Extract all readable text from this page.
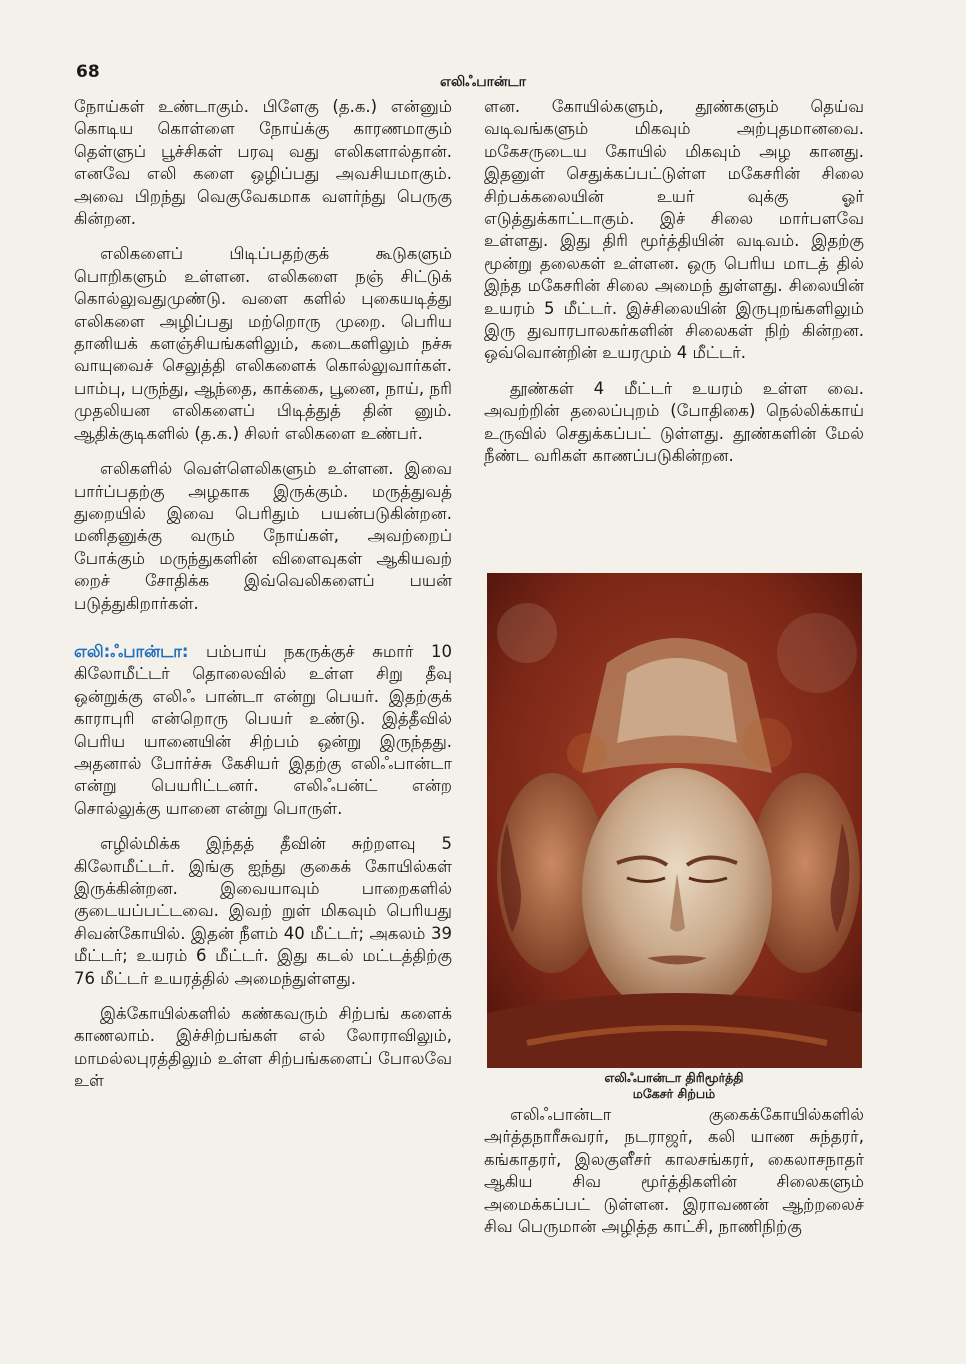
68	எலிஃபான்டா

நோய்கள் உண்டாகும். பிளேகு (த.க.) என்னும் கொடிய கொள்ளை நோய்க்கு காரணமாகும் தெள்ளுப் பூச்சிகள் பரவு வது எலிகளால்தான். எனவே எலி களை ஒழிப்பது அவசியமாகும். அவை பிறந்து வெகுவேகமாக வளர்ந்து பெருகு கின்றன.

எலிகளைப் பிடிப்பதற்குக் கூடுகளும் பொறிகளும் உள்ளன. எலிகளை நஞ் சிட்டுக் கொல்லுவதுமுண்டு. வளை களில் புகையடித்து எலிகளை அழிப்பது மற்றொரு முறை. பெரிய தானியக் களஞ்சியங்களிலும், கடைகளிலும் நச்சு வாயுவைச் செலுத்தி எலிகளைக் கொல்லுவார்கள். பாம்பு, பருந்து, ஆந்தை, காக்கை, பூனை, நாய், நரி முதலியன எலிகளைப் பிடித்துத் தின் னும். ஆதிக்குடிகளில் (த.க.) சிலர் எலிகளை உண்பர்.

எலிகளில் வெள்ளெலிகளும் உள்ளன. இவை பார்ப்பதற்கு அழகாக இருக்கும். மருத்துவத் துறையில் இவை பெரிதும் பயன்படுகின்றன. மனிதனுக்கு வரும் நோய்கள், அவற்றைப் போக்கும் மருந்துகளின் விளைவுகள் ஆகியவற் றைச் சோதிக்க இவ்வெலிகளைப் பயன் படுத்துகிறார்கள்.

எலி:ஃபான்டா: பம்பாய் நகருக்குச் சுமார் 10 கிலோமீட்டர் தொலைவில் உள்ள சிறு தீவு ஒன்றுக்கு எலிஃ பான்டா என்று பெயர். இதற்குக் காராபுரி என்றொரு பெயர் உண்டு. இத்தீவில் பெரிய யானையின் சிற்பம் ஒன்று இருந்தது. அதனால் போர்ச்சு கேசியர் இதற்கு எலிஃபான்டா என்று பெயரிட்டனர். எலிஃபன்ட் என்ற சொல்லுக்கு யானை என்று பொருள்.

எழில்மிக்க இந்தத் தீவின் சுற்றளவு 5 கிலோமீட்டர். இங்கு ஐந்து குகைக் கோயில்கள் இருக்கின்றன. இவையாவும் பாறைகளில் குடையப்பட்டவை. இவற் றுள் மிகவும் பெரியது சிவன்கோயில். இதன் நீளம் 40 மீட்டர்; அகலம் 39 மீட்டர்; உயரம் 6 மீட்டர். இது கடல் மட்டத்திற்கு 76 மீட்டர் உயரத்தில் அமைந்துள்ளது.

இக்கோயில்களில் கண்கவரும் சிற்பங் களைக் காணலாம். இச்சிற்பங்கள் எல் லோராவிலும், மாமல்லபுரத்திலும் உள்ள சிற்பங்களைப் போலவே உள்

ளன. கோயில்களும், தூண்களும் தெய்வ வடிவங்களும் மிகவும் அற்புதமானவை. மகேசருடைய கோயில் மிகவும் அழ கானது. இதனுள் செதுக்கப்பட்டுள்ள மகேசரின் சிலை சிற்பக்கலையின் உயர் வுக்கு ஓர் எடுத்துக்காட்டாகும். இச் சிலை மார்பளவே உள்ளது. இது திரி மூர்த்தியின் வடிவம். இதற்கு மூன்று தலைகள் உள்ளன. ஒரு பெரிய மாடத் தில் இந்த மகேசரின் சிலை அமைந் துள்ளது. சிலையின் உயரம் 5 மீட்டர். இச்சிலையின் இருபுறங்களிலும் இரு துவாரபாலகர்களின் சிலைகள் நிற் கின்றன. ஒவ்வொன்றின் உயரமும் 4 மீட்டர்.

தூண்கள் 4 மீட்டர் உயரம் உள்ள வை. அவற்றின் தலைப்புறம் (போதிகை) நெல்லிக்காய் உருவில் செதுக்கப்பட் டுள்ளது. தூண்களின் மேல் நீண்ட வரிகள் காணப்படுகின்றன.

எலிஃபான்டா திரிமூர்த்தி
மகேசர் சிற்பம்

எலிஃபான்டா குகைக்கோயில்களில் அர்த்தநாரீசுவரர், நடராஜர், கலி யாண சுந்தரர், கங்காதரர், இலகுளீசர் காலசங்கரர், கைலாசநாதர் ஆகிய சிவ மூர்த்திகளின் சிலைகளும் அமைக்கப்பட் டுள்ளன. இராவணன் ஆற்றலைச் சிவ பெருமான் அழித்த காட்சி, நாணிநிற்கு
